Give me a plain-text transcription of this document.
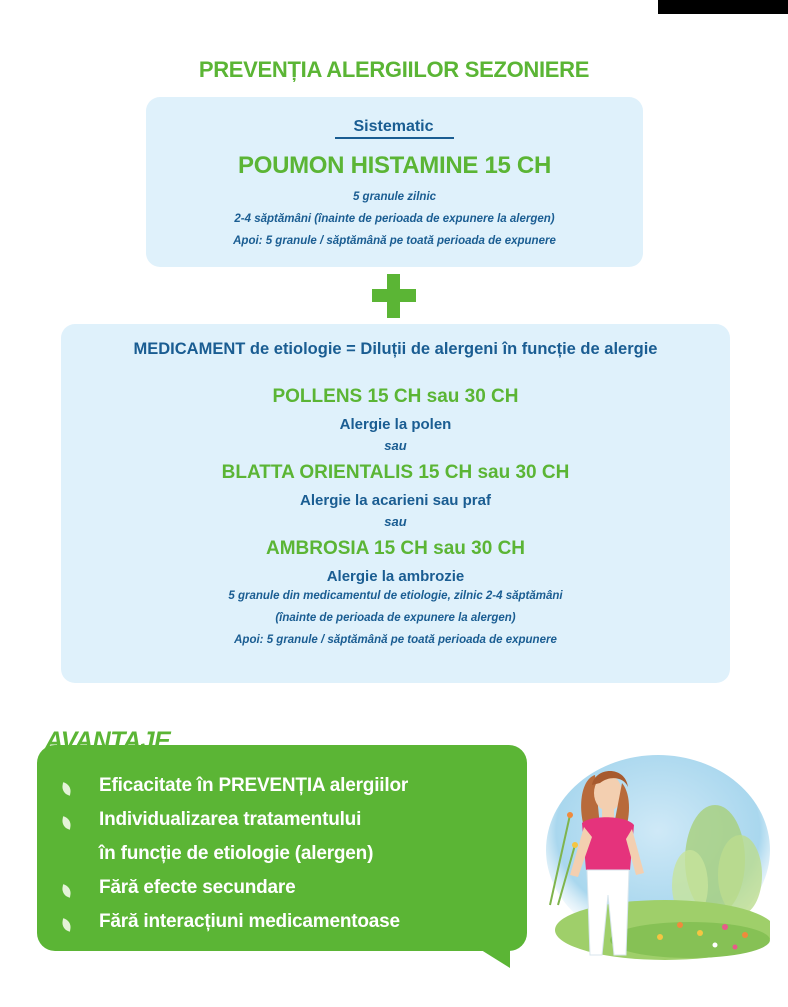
PREVENȚIA ALERGIILOR SEZONIERE
Sistematic
POUMON HISTAMINE 15 CH
5 granule zilnic
2-4 săptămâni (înainte de perioada de expunere la alergen)
Apoi: 5 granule / săptămână pe toată perioada de expunere
MEDICAMENT de etiologie = Diluții de alergeni în funcție de alergie
POLLENS 15 CH sau 30 CH
Alergie la polen
sau
BLATTA ORIENTALIS 15 CH sau 30 CH
Alergie la acarieni sau praf
sau
AMBROSIA 15 CH sau 30 CH
Alergie la ambrozie
5 granule din medicamentul de etiologie, zilnic 2-4 săptămâni
(înainte de perioada de expunere la alergen)
Apoi: 5 granule / săptămână pe toată perioada de expunere
Eficacitate în PREVENȚIA alergiilor
Individualizarea tratamentului
în funcție de etiologie (alergen)
Fără efecte secundare
Fără interacțiuni medicamentoase
AVANTAJE
